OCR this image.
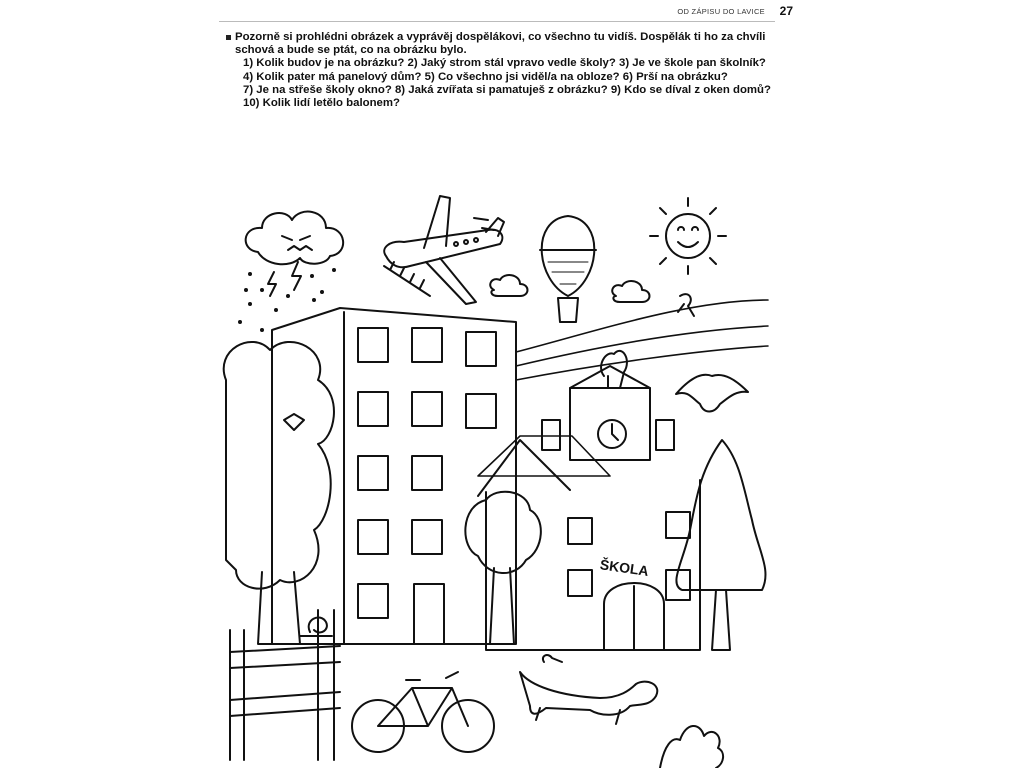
OD ZÁPISU DO LAVICE 27

Pozorně si prohlédni obrázek a vyprávěj dospělákovi, co všechno tu vidíš. Dospělák ti ho za chvíli schová a bude se ptát, co na obrázku bylo.

1) Kolik budov je na obrázku? 2) Jaký strom stál vpravo vedle školy? 3) Je ve škole pan školník?
4) Kolik pater má panelový dům? 5) Co všechno jsi viděl/a na obloze? 6) Prší na obrázku?
7) Je na střeše školy okno? 8) Jaká zvířata si pamatuješ z obrázku? 9) Kdo se díval z oken domů?
10) Kolik lidí letělo balonem?

ŠKOLA
